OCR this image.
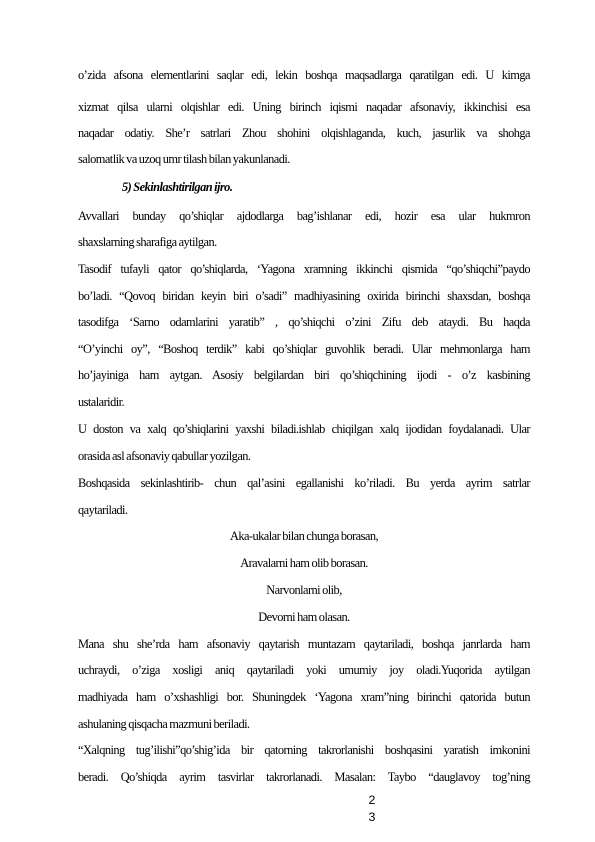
o’zida afsona elementlarini saqlar edi, lekin boshqa maqsadlarga qaratilgan edi. U kimga
xizmat qilsa ularni olqishlar edi. Uning birinch iqismi naqadar afsonaviy, ikkinchisi esa
naqadar odatiy. She’r satrlari Zhou shohini olqishlaganda, kuch, jasurlik va shohga
salomatlik va uzoq umr tilash bilan yakunlanadi.
5) Sekinlashtirilgan ijro.
Avvallari bunday qo’shiqlar ajdodlarga bag’ishlanar edi, hozir esa ular hukmron
shaxslarning sharafiga aytilgan.
Tasodif tufayli qator qo’shiqlarda, ‘Yagona xramning ikkinchi qismida “qo’shiqchi”paydo
bo’ladi. “Qovoq biridan keyin biri o’sadi” madhiyasining oxirida birinchi shaxsdan, boshqa
tasodifga ‘Sarno odamlarini yaratib” , qo’shiqchi o’zini Zifu deb ataydi. Bu haqda
“O’yinchi oy”, “Boshoq terdik” kabi qo’shiqlar guvohlik beradi. Ular mehmonlarga ham
ho’jayiniga ham aytgan. Asosiy belgilardan biri qo’shiqchining ijodi - o’z kasbining
ustalaridir.
U doston va xalq qo’shiqlarini yaxshi biladi.ishlab chiqilgan xalq ijodidan foydalanadi. Ular
orasida asl afsonaviy qabullar yozilgan.
Boshqasida sekinlashtirib- chun qal’asini egallanishi ko’riladi. Bu yerda ayrim satrlar
qaytariladi.
Aka-ukalar bilan chunga borasan,
Aravalarni ham olib borasan.
Narvonlarni olib,
Devorni ham olasan.
Mana shu she’rda ham afsonaviy qaytarish muntazam qaytariladi, boshqa janrlarda ham
uchraydi, o’ziga xosligi aniq qaytariladi yoki umumiy joy oladi.Yuqorida aytilgan
madhiyada ham o’xshashligi bor. Shuningdek ‘Yagona xram”ning birinchi qatorida butun
ashulaning qisqacha mazmuni beriladi.
“Xalqning tug’ilishi”qo’shig’ida bir qatorning takrorlanishi boshqasini yaratish imkonini
beradi. Qo’shiqda ayrim tasvirlar takrorlanadi. Masalan: Taybo “dauglavoy tog’ning
2
3
